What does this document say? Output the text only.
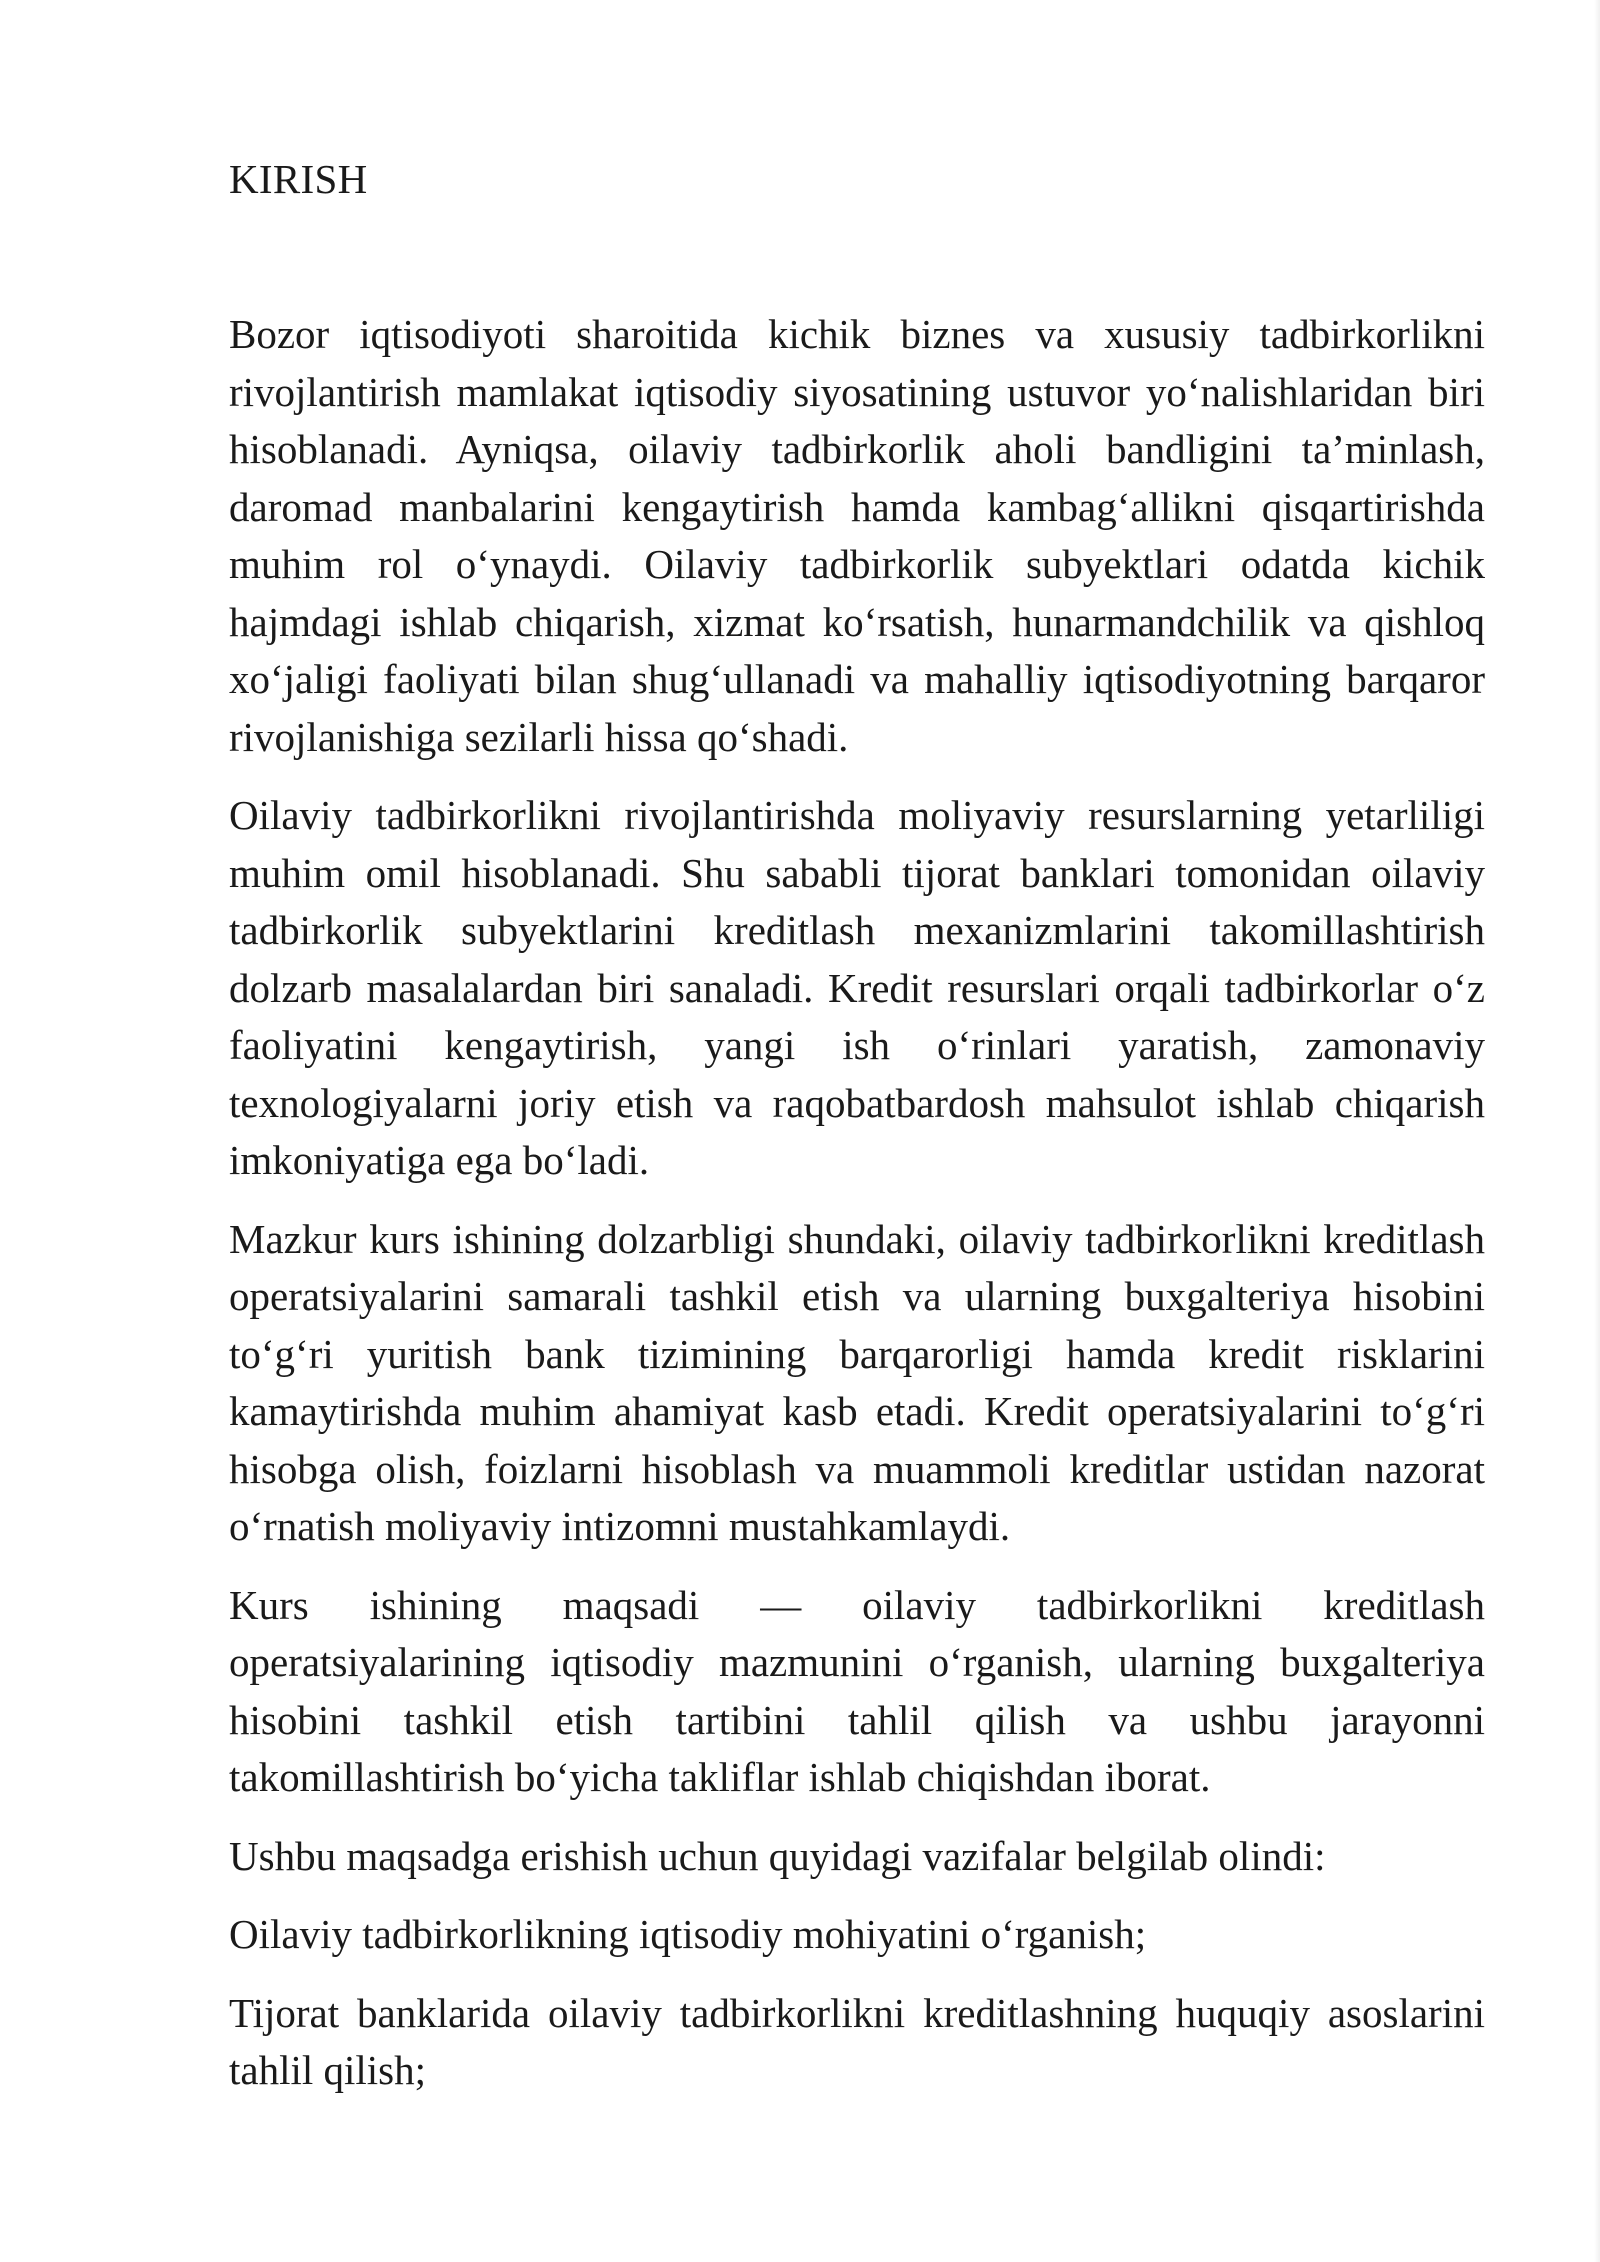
KIRISH

Bozor iqtisodiyoti sharoitida kichik biznes va xususiy tadbirkorlikni rivojlantirish mamlakat iqtisodiy siyosatining ustuvor yo‘nalishlaridan biri hisoblanadi. Ayniqsa, oilaviy tadbirkorlik aholi bandligini ta’minlash, daromad manbalarini kengaytirish hamda kambag‘allikni qisqartirishda muhim rol o‘ynaydi. Oilaviy tadbirkorlik subyektlari odatda kichik hajmdagi ishlab chiqarish, xizmat ko‘rsatish, hunarmandchilik va qishloq xo‘jaligi faoliyati bilan shug‘ullanadi va mahalliy iqtisodiyotning barqaror rivojlanishiga sezilarli hissa qo‘shadi.

Oilaviy tadbirkorlikni rivojlantirishda moliyaviy resurslarning yetarliligi muhim omil hisoblanadi. Shu sababli tijorat banklari tomonidan oilaviy tadbirkorlik subyektlarini kreditlash mexanizmlarini takomillashtirish dolzarb masalalardan biri sanaladi. Kredit resurslari orqali tadbirkorlar o‘z faoliyatini kengaytirish, yangi ish o‘rinlari yaratish, zamonaviy texnologiyalarni joriy etish va raqobatbardosh mahsulot ishlab chiqarish imkoniyatiga ega bo‘ladi.

Mazkur kurs ishining dolzarbligi shundaki, oilaviy tadbirkorlikni kreditlash operatsiyalarini samarali tashkil etish va ularning buxgalteriya hisobini to‘g‘ri yuritish bank tizimining barqarorligi hamda kredit risklarini kamaytirishda muhim ahamiyat kasb etadi. Kredit operatsiyalarini to‘g‘ri hisobga olish, foizlarni hisoblash va muammoli kreditlar ustidan nazorat o‘rnatish moliyaviy intizomni mustahkamlaydi.

Kurs ishining maqsadi — oilaviy tadbirkorlikni kreditlash operatsiyalarining iqtisodiy mazmunini o‘rganish, ularning buxgalteriya hisobini tashkil etish tartibini tahlil qilish va ushbu jarayonni takomillashtirish bo‘yicha takliflar ishlab chiqishdan iborat.

Ushbu maqsadga erishish uchun quyidagi vazifalar belgilab olindi:

Oilaviy tadbirkorlikning iqtisodiy mohiyatini o‘rganish;

Tijorat banklarida oilaviy tadbirkorlikni kreditlashning huquqiy asoslarini tahlil qilish;
